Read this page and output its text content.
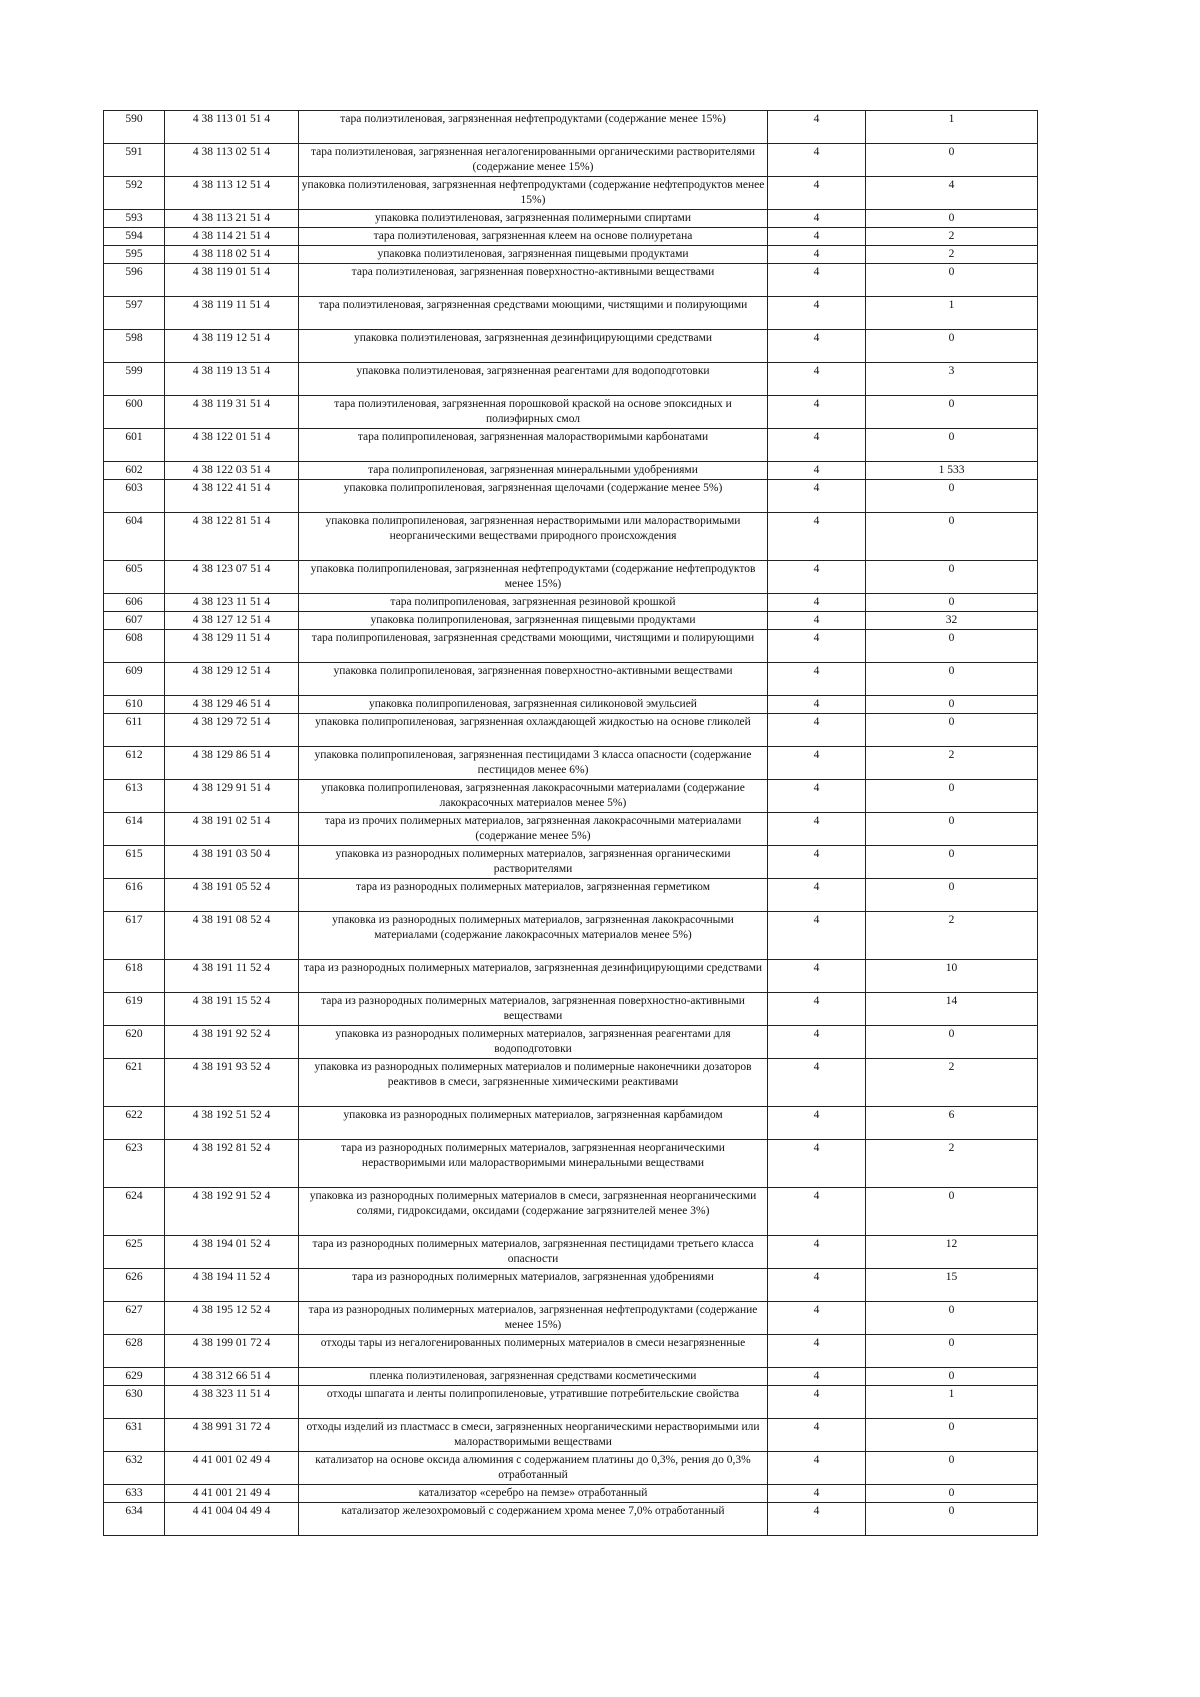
590	4 38 113 01 51 4	тара полиэтиленовая, загрязненная нефтепродуктами (содержание менее 15%)	4	1
591	4 38 113 02 51 4	тара полиэтиленовая, загрязненная негалогенированными органическими растворителями (содержание менее 15%)	4	0
592	4 38 113 12 51 4	упаковка полиэтиленовая, загрязненная нефтепродуктами (содержание нефтепродуктов менее 15%)	4	4
593	4 38 113 21 51 4	упаковка полиэтиленовая, загрязненная полимерными спиртами	4	0
594	4 38 114 21 51 4	тара полиэтиленовая, загрязненная клеем на основе полиуретана	4	2
595	4 38 118 02 51 4	упаковка полиэтиленовая, загрязненная пищевыми продуктами	4	2
596	4 38 119 01 51 4	тара полиэтиленовая, загрязненная поверхностно-активными веществами	4	0
597	4 38 119 11 51 4	тара полиэтиленовая, загрязненная средствами моющими, чистящими и полирующими	4	1
598	4 38 119 12 51 4	упаковка полиэтиленовая, загрязненная дезинфицирующими средствами	4	0
599	4 38 119 13 51 4	упаковка полиэтиленовая, загрязненная реагентами для водоподготовки	4	3
600	4 38 119 31 51 4	тара полиэтиленовая, загрязненная порошковой краской на основе эпоксидных и полиэфирных смол	4	0
601	4 38 122 01 51 4	тара полипропиленовая, загрязненная малорастворимыми карбонатами	4	0
602	4 38 122 03 51 4	тара полипропиленовая, загрязненная минеральными удобрениями	4	1 533
603	4 38 122 41 51 4	упаковка полипропиленовая, загрязненная щелочами (содержание менее 5%)	4	0
604	4 38 122 81 51 4	упаковка полипропиленовая, загрязненная нерастворимыми или малорастворимыми неорганическими веществами природного происхождения	4	0
605	4 38 123 07 51 4	упаковка полипропиленовая, загрязненная нефтепродуктами (содержание нефтепродуктов менее 15%)	4	0
606	4 38 123 11 51 4	тара полипропиленовая, загрязненная резиновой крошкой	4	0
607	4 38 127 12 51 4	упаковка полипропиленовая, загрязненная пищевыми продуктами	4	32
608	4 38 129 11 51 4	тара полипропиленовая, загрязненная средствами моющими, чистящими и полирующими	4	0
609	4 38 129 12 51 4	упаковка полипропиленовая, загрязненная поверхностно-активными веществами	4	0
610	4 38 129 46 51 4	упаковка полипропиленовая, загрязненная силиконовой эмульсией	4	0
611	4 38 129 72 51 4	упаковка полипропиленовая, загрязненная охлаждающей жидкостью на основе гликолей	4	0
612	4 38 129 86 51 4	упаковка полипропиленовая, загрязненная пестицидами 3 класса опасности (содержание пестицидов менее 6%)	4	2
613	4 38 129 91 51 4	упаковка полипропиленовая, загрязненная лакокрасочными материалами (содержание лакокрасочных материалов менее 5%)	4	0
614	4 38 191 02 51 4	тара из прочих полимерных материалов, загрязненная лакокрасочными материалами (содержание менее 5%)	4	0
615	4 38 191 03 50 4	упаковка из разнородных полимерных материалов, загрязненная органическими растворителями	4	0
616	4 38 191 05 52 4	тара из разнородных полимерных материалов, загрязненная герметиком	4	0
617	4 38 191 08 52 4	упаковка из разнородных полимерных материалов, загрязненная лакокрасочными материалами (содержание лакокрасочных материалов менее 5%)	4	2
618	4 38 191 11 52 4	тара из разнородных полимерных материалов, загрязненная дезинфицирующими средствами	4	10
619	4 38 191 15 52 4	тара из разнородных полимерных материалов, загрязненная поверхностно-активными веществами	4	14
620	4 38 191 92 52 4	упаковка из разнородных полимерных материалов, загрязненная реагентами для водоподготовки	4	0
621	4 38 191 93 52 4	упаковка из разнородных полимерных материалов и полимерные наконечники дозаторов реактивов в смеси, загрязненные химическими реактивами	4	2
622	4 38 192 51 52 4	упаковка из разнородных полимерных материалов, загрязненная карбамидом	4	6
623	4 38 192 81 52 4	тара из разнородных полимерных материалов, загрязненная неорганическими нерастворимыми или малорастворимыми минеральными веществами	4	2
624	4 38 192 91 52 4	упаковка из разнородных полимерных материалов в смеси, загрязненная неорганическими солями, гидроксидами, оксидами (содержание загрязнителей менее 3%)	4	0
625	4 38 194 01 52 4	тара из разнородных полимерных материалов, загрязненная пестицидами третьего класса опасности	4	12
626	4 38 194 11 52 4	тара из разнородных полимерных материалов, загрязненная удобрениями	4	15
627	4 38 195 12 52 4	тара из разнородных полимерных материалов, загрязненная нефтепродуктами (содержание менее 15%)	4	0
628	4 38 199 01 72 4	отходы тары из негалогенированных полимерных материалов в смеси незагрязненные	4	0
629	4 38 312 66 51 4	пленка полиэтиленовая, загрязненная средствами косметическими	4	0
630	4 38 323 11 51 4	отходы шпагата и ленты полипропиленовые, утратившие потребительские свойства	4	1
631	4 38 991 31 72 4	отходы изделий из пластмасс в смеси, загрязненных неорганическими нерастворимыми или малорастворимыми веществами	4	0
632	4 41 001 02 49 4	катализатор на основе оксида алюминия с содержанием платины до 0,3%, рения до 0,3% отработанный	4	0
633	4 41 001 21 49 4	катализатор «серебро на пемзе» отработанный	4	0
634	4 41 004 04 49 4	катализатор железохромовый с содержанием хрома менее 7,0% отработанный	4	0
